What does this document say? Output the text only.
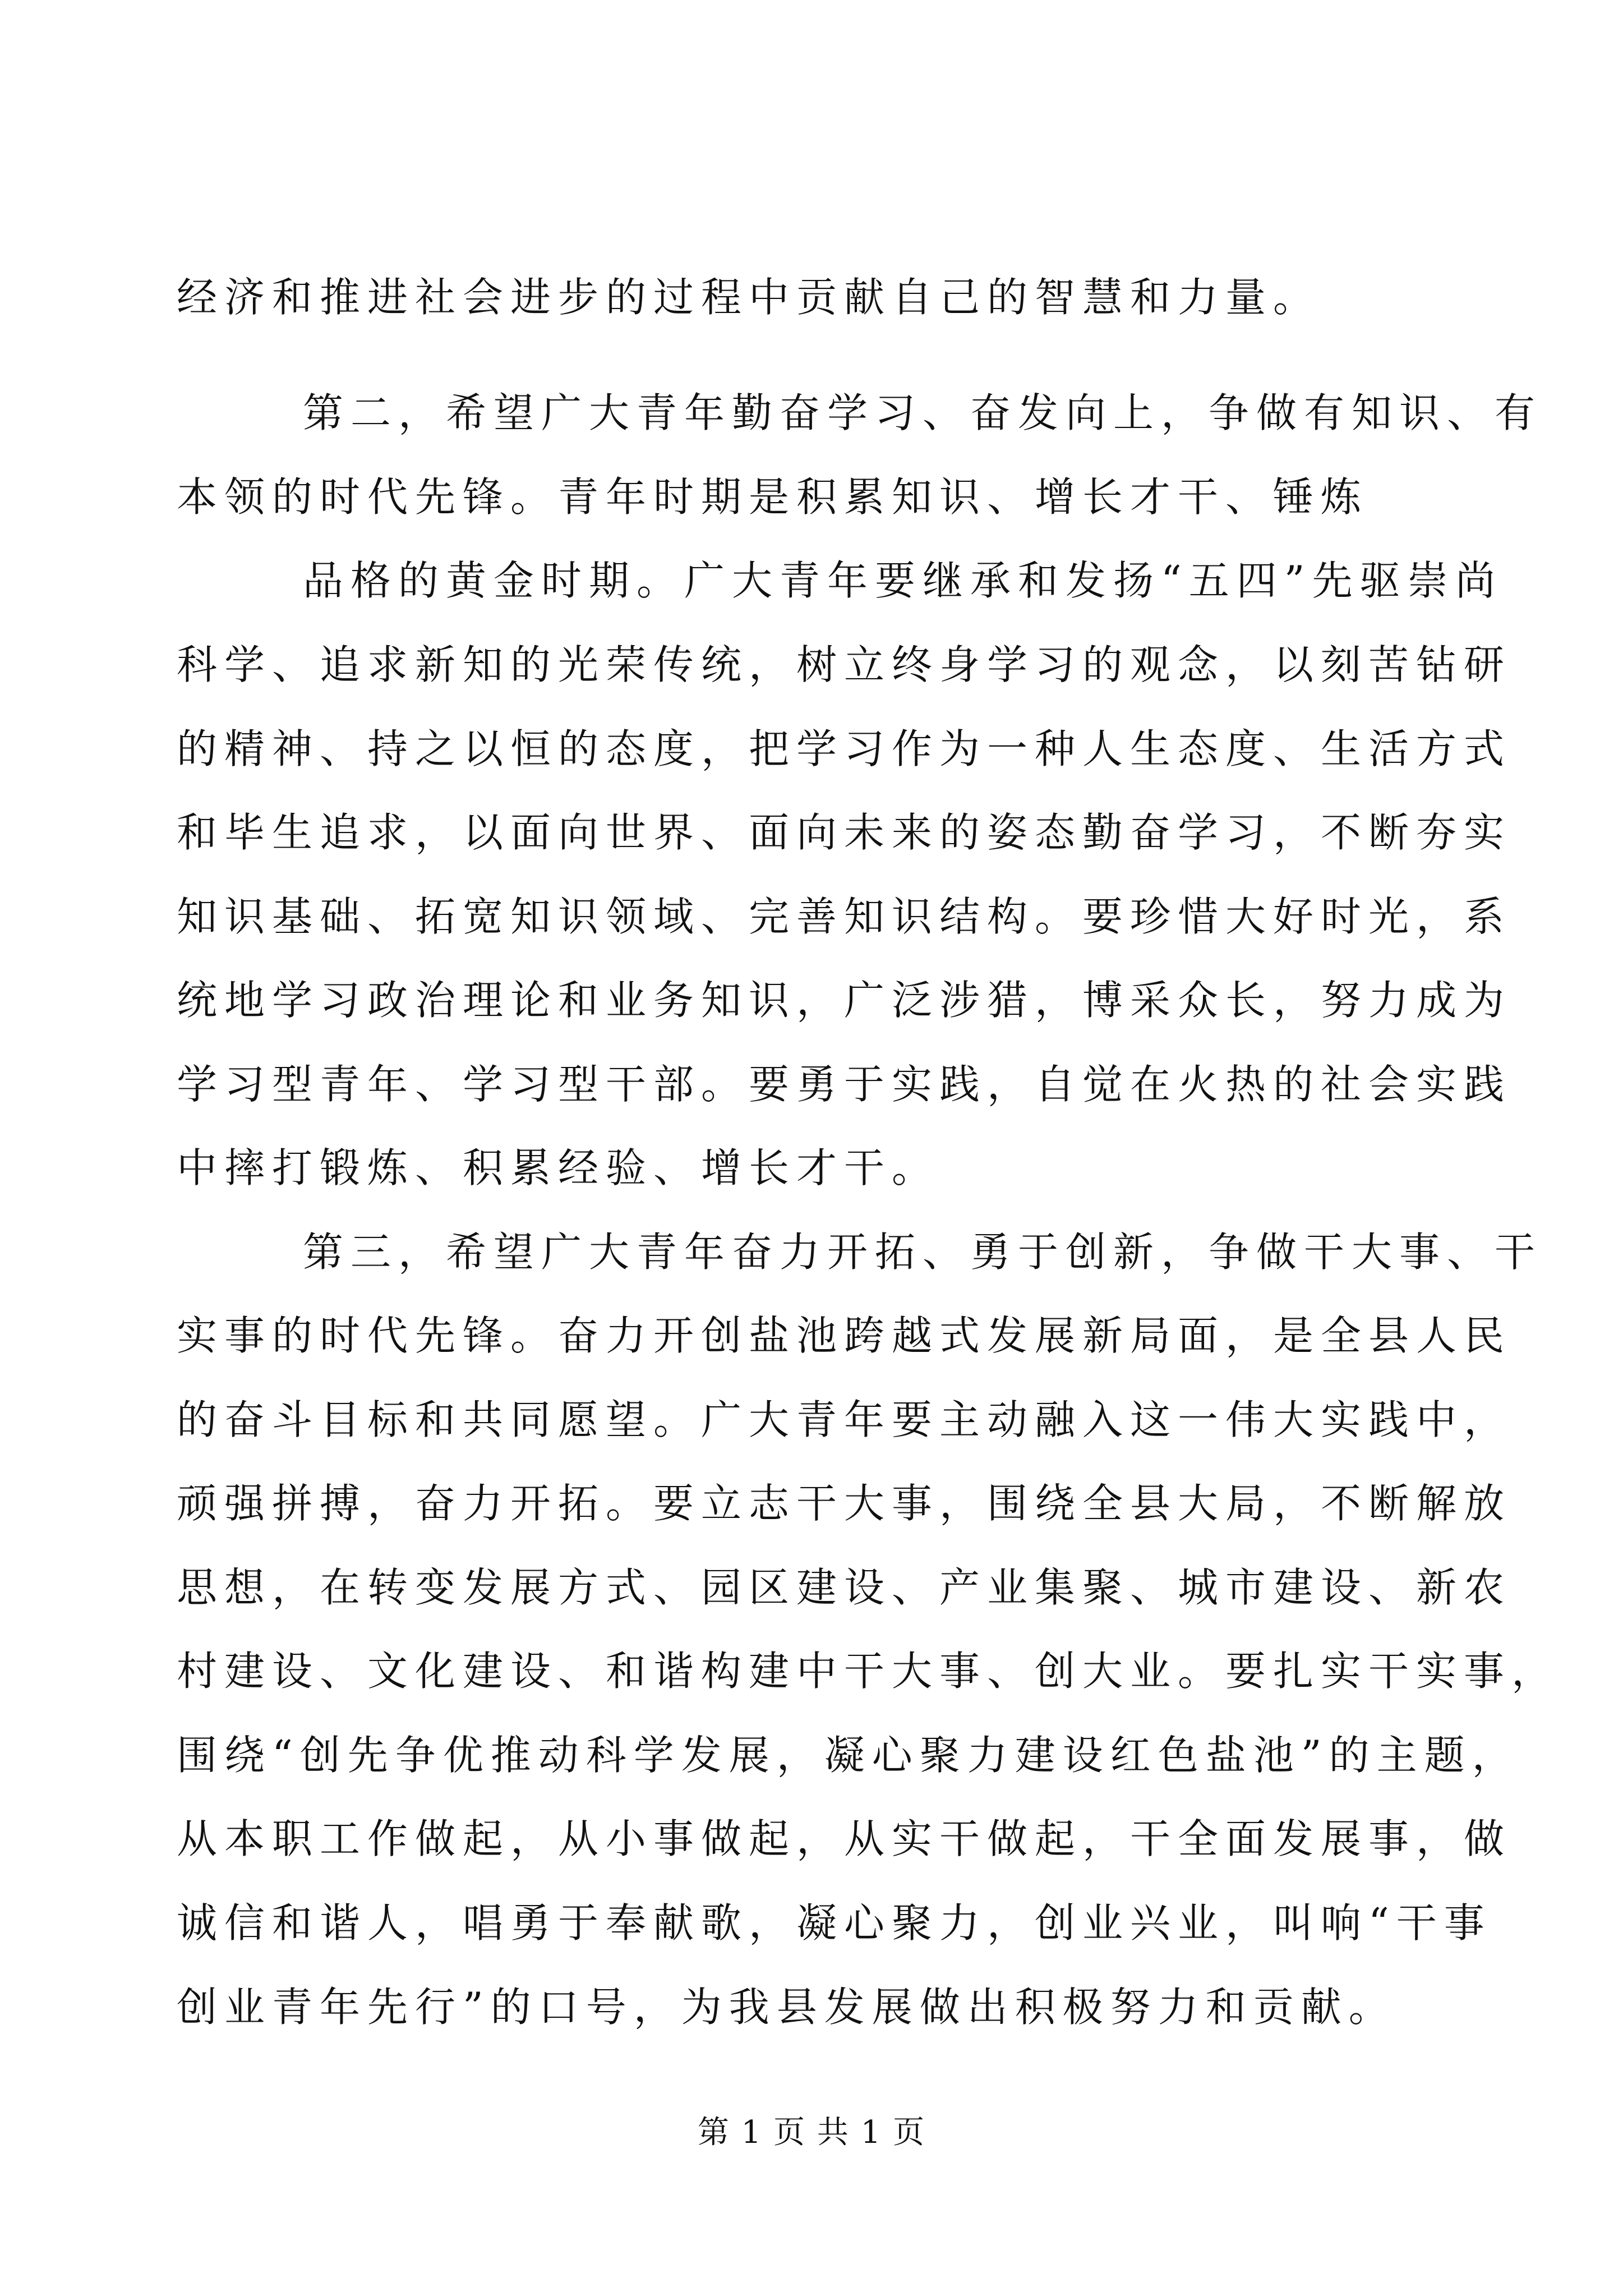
经济和推进社会进步的过程中贡献自己的智慧和力量。
第二，希望广大青年勤奋学习、奋发向上，争做有知识、有
本领的时代先锋。青年时期是积累知识、增长才干、锤炼
品格的黄金时期。广大青年要继承和发扬“五四”先驱崇尚
科学、追求新知的光荣传统，树立终身学习的观念，以刻苦钻研
的精神、持之以恒的态度，把学习作为一种人生态度、生活方式
和毕生追求，以面向世界、面向未来的姿态勤奋学习，不断夯实
知识基础、拓宽知识领域、完善知识结构。要珍惜大好时光，系
统地学习政治理论和业务知识，广泛涉猎，博采众长，努力成为
学习型青年、学习型干部。要勇于实践，自觉在火热的社会实践
中摔打锻炼、积累经验、增长才干。
第三，希望广大青年奋力开拓、勇于创新，争做干大事、干
实事的时代先锋。奋力开创盐池跨越式发展新局面，是全县人民
的奋斗目标和共同愿望。广大青年要主动融入这一伟大实践中，
顽强拼搏，奋力开拓。要立志干大事，围绕全县大局，不断解放
思想，在转变发展方式、园区建设、产业集聚、城市建设、新农
村建设、文化建设、和谐构建中干大事、创大业。要扎实干实事，
围绕“创先争优推动科学发展，凝心聚力建设红色盐池”的主题，
从本职工作做起，从小事做起，从实干做起，干全面发展事，做
诚信和谐人，唱勇于奉献歌，凝心聚力，创业兴业，叫响“干事
创业青年先行”的口号，为我县发展做出积极努力和贡献。
第 1 页 共 1 页
